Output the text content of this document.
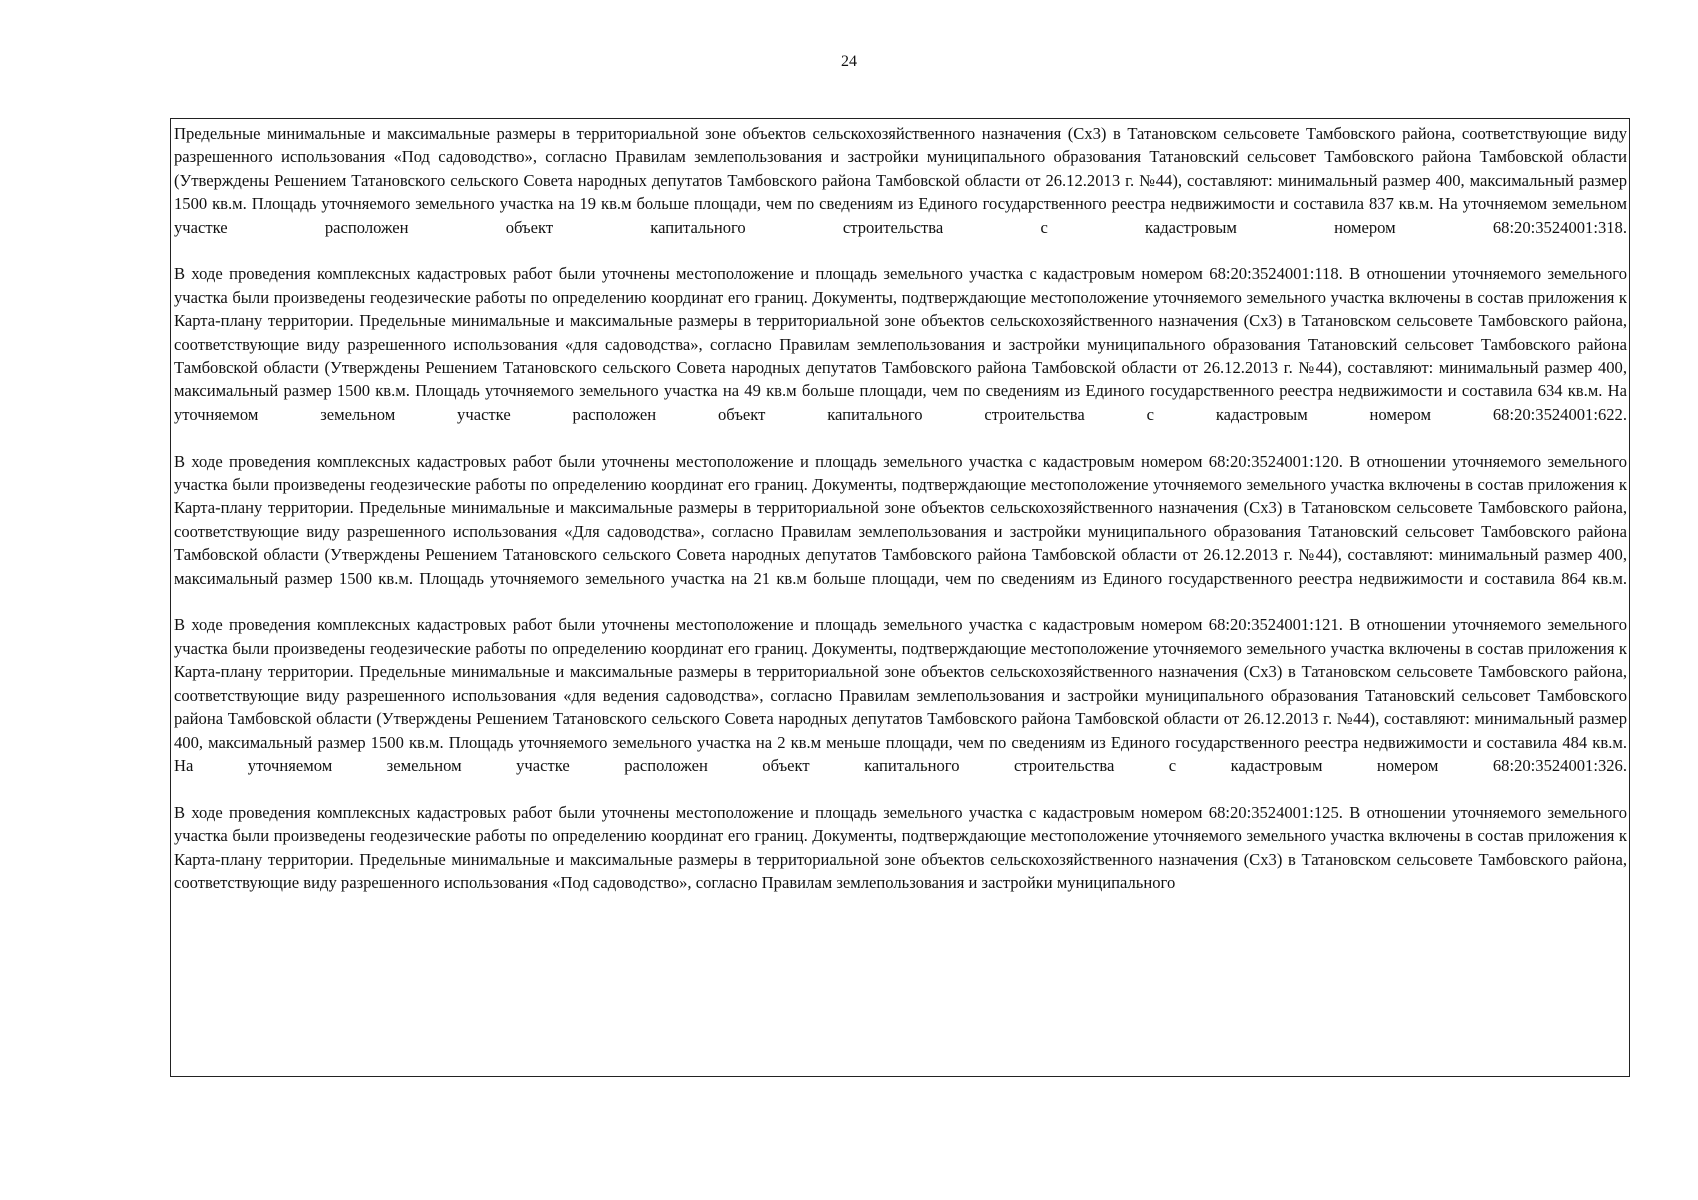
24

Предельные минимальные и максимальные размеры в территориальной зоне объектов сельскохозяйственного назначения (Сх3) в Татановском сельсовете Тамбовского района, соответствующие виду разрешенного использования «Под садоводство», согласно Правилам землепользования и застройки муниципального образования Татановский сельсовет Тамбовского района Тамбовской области (Утверждены Решением Татановского сельского Совета народных депутатов Тамбовского района Тамбовской области от 26.12.2013 г. №44), составляют: минимальный размер 400, максимальный размер 1500 кв.м. Площадь уточняемого земельного участка на 19 кв.м больше площади, чем по сведениям из Единого государственного реестра недвижимости и составила 837 кв.м. На уточняемом земельном участке расположен объект капитального строительства с кадастровым номером 68:20:3524001:318.

В ходе проведения комплексных кадастровых работ были уточнены местоположение и площадь земельного участка с кадастровым номером 68:20:3524001:118. В отношении уточняемого земельного участка были произведены геодезические работы по определению координат его границ. Документы, подтверждающие местоположение уточняемого земельного участка включены в состав приложения к Карта-плану территории. Предельные минимальные и максимальные размеры в территориальной зоне объектов сельскохозяйственного назначения (Сх3) в Татановском сельсовете Тамбовского района, соответствующие виду разрешенного использования «для садоводства», согласно Правилам землепользования и застройки муниципального образования Татановский сельсовет Тамбовского района Тамбовской области (Утверждены Решением Татановского сельского Совета народных депутатов Тамбовского района Тамбовской области от 26.12.2013 г. №44), составляют: минимальный размер 400, максимальный размер 1500 кв.м. Площадь уточняемого земельного участка на 49 кв.м больше площади, чем по сведениям из Единого государственного реестра недвижимости и составила 634 кв.м. На уточняемом земельном участке расположен объект капитального строительства с кадастровым номером 68:20:3524001:622.

В ходе проведения комплексных кадастровых работ были уточнены местоположение и площадь земельного участка с кадастровым номером 68:20:3524001:120. В отношении уточняемого земельного участка были произведены геодезические работы по определению координат его границ. Документы, подтверждающие местоположение уточняемого земельного участка включены в состав приложения к Карта-плану территории. Предельные минимальные и максимальные размеры в территориальной зоне объектов сельскохозяйственного назначения (Сх3) в Татановском сельсовете Тамбовского района, соответствующие виду разрешенного использования «Для садоводства», согласно Правилам землепользования и застройки муниципального образования Татановский сельсовет Тамбовского района Тамбовской области (Утверждены Решением Татановского сельского Совета народных депутатов Тамбовского района Тамбовской области от 26.12.2013 г. №44), составляют: минимальный размер 400, максимальный размер 1500 кв.м. Площадь уточняемого земельного участка на 21 кв.м больше площади, чем по сведениям из Единого государственного реестра недвижимости и составила 864 кв.м.

В ходе проведения комплексных кадастровых работ были уточнены местоположение и площадь земельного участка с кадастровым номером 68:20:3524001:121. В отношении уточняемого земельного участка были произведены геодезические работы по определению координат его границ. Документы, подтверждающие местоположение уточняемого земельного участка включены в состав приложения к Карта-плану территории. Предельные минимальные и максимальные размеры в территориальной зоне объектов сельскохозяйственного назначения (Сх3) в Татановском сельсовете Тамбовского района, соответствующие виду разрешенного использования «для ведения садоводства», согласно Правилам землепользования и застройки муниципального образования Татановский сельсовет Тамбовского района Тамбовской области (Утверждены Решением Татановского сельского Совета народных депутатов Тамбовского района Тамбовской области от 26.12.2013 г. №44), составляют: минимальный размер 400, максимальный размер 1500 кв.м. Площадь уточняемого земельного участка на 2 кв.м меньше площади, чем по сведениям из Единого государственного реестра недвижимости и составила 484 кв.м. На уточняемом земельном участке расположен объект капитального строительства с кадастровым номером 68:20:3524001:326.

В ходе проведения комплексных кадастровых работ были уточнены местоположение и площадь земельного участка с кадастровым номером 68:20:3524001:125. В отношении уточняемого земельного участка были произведены геодезические работы по определению координат его границ. Документы, подтверждающие местоположение уточняемого земельного участка включены в состав приложения к Карта-плану территории. Предельные минимальные и максимальные размеры в территориальной зоне объектов сельскохозяйственного назначения (Сх3) в Татановском сельсовете Тамбовского района, соответствующие виду разрешенного использования «Под садоводство», согласно Правилам землепользования и застройки муниципального
